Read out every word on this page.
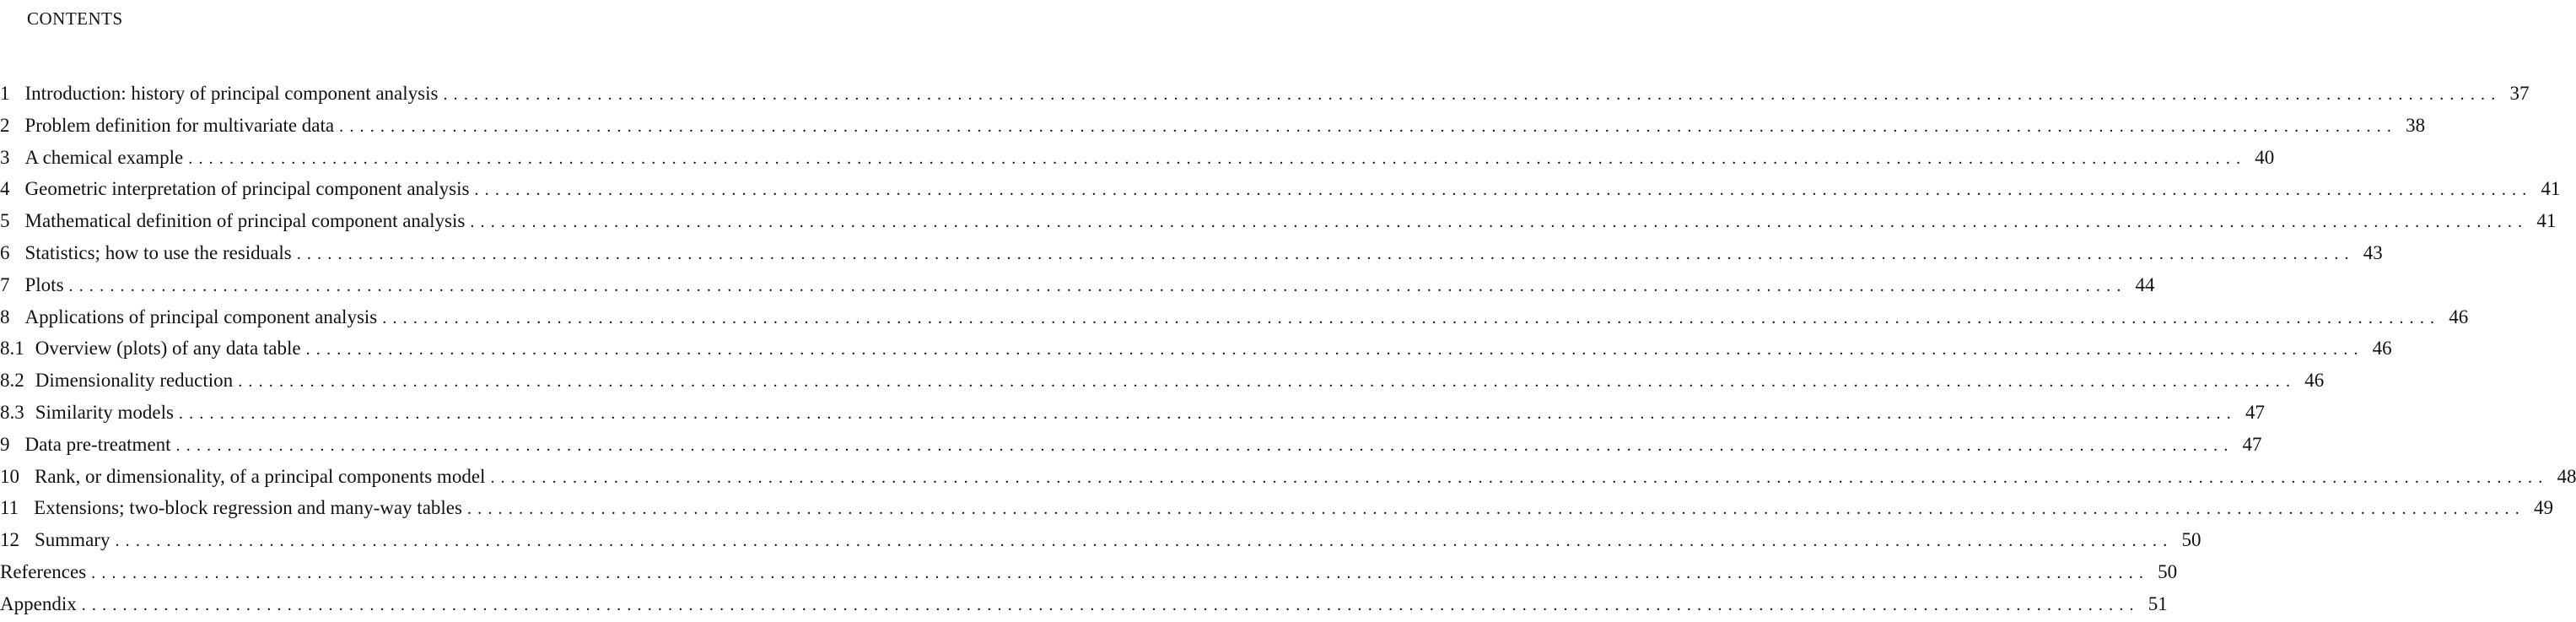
CONTENTS
1 Introduction: history of principal component analysis ........................................................................................................................................................................................................ 37
2 Problem definition for multivariate data ........................................................................................................................................................................................................ 38
3 A chemical example ........................................................................................................................................................................................................ 40
4 Geometric interpretation of principal component analysis ........................................................................................................................................................................................................ 41
5 Mathematical definition of principal component analysis ........................................................................................................................................................................................................ 41
6 Statistics; how to use the residuals ........................................................................................................................................................................................................ 43
7 Plots ........................................................................................................................................................................................................ 44
8 Applications of principal component analysis ........................................................................................................................................................................................................ 46
8.1 Overview (plots) of any data table ........................................................................................................................................................................................................ 46
8.2 Dimensionality reduction ........................................................................................................................................................................................................ 46
8.3 Similarity models ........................................................................................................................................................................................................ 47
9 Data pre-treatment ........................................................................................................................................................................................................ 47
10 Rank, or dimensionality, of a principal components model ........................................................................................................................................................................................................ 48
11 Extensions; two-block regression and many-way tables ........................................................................................................................................................................................................ 49
12 Summary ........................................................................................................................................................................................................ 50
References ........................................................................................................................................................................................................ 50
Appendix ........................................................................................................................................................................................................ 51
